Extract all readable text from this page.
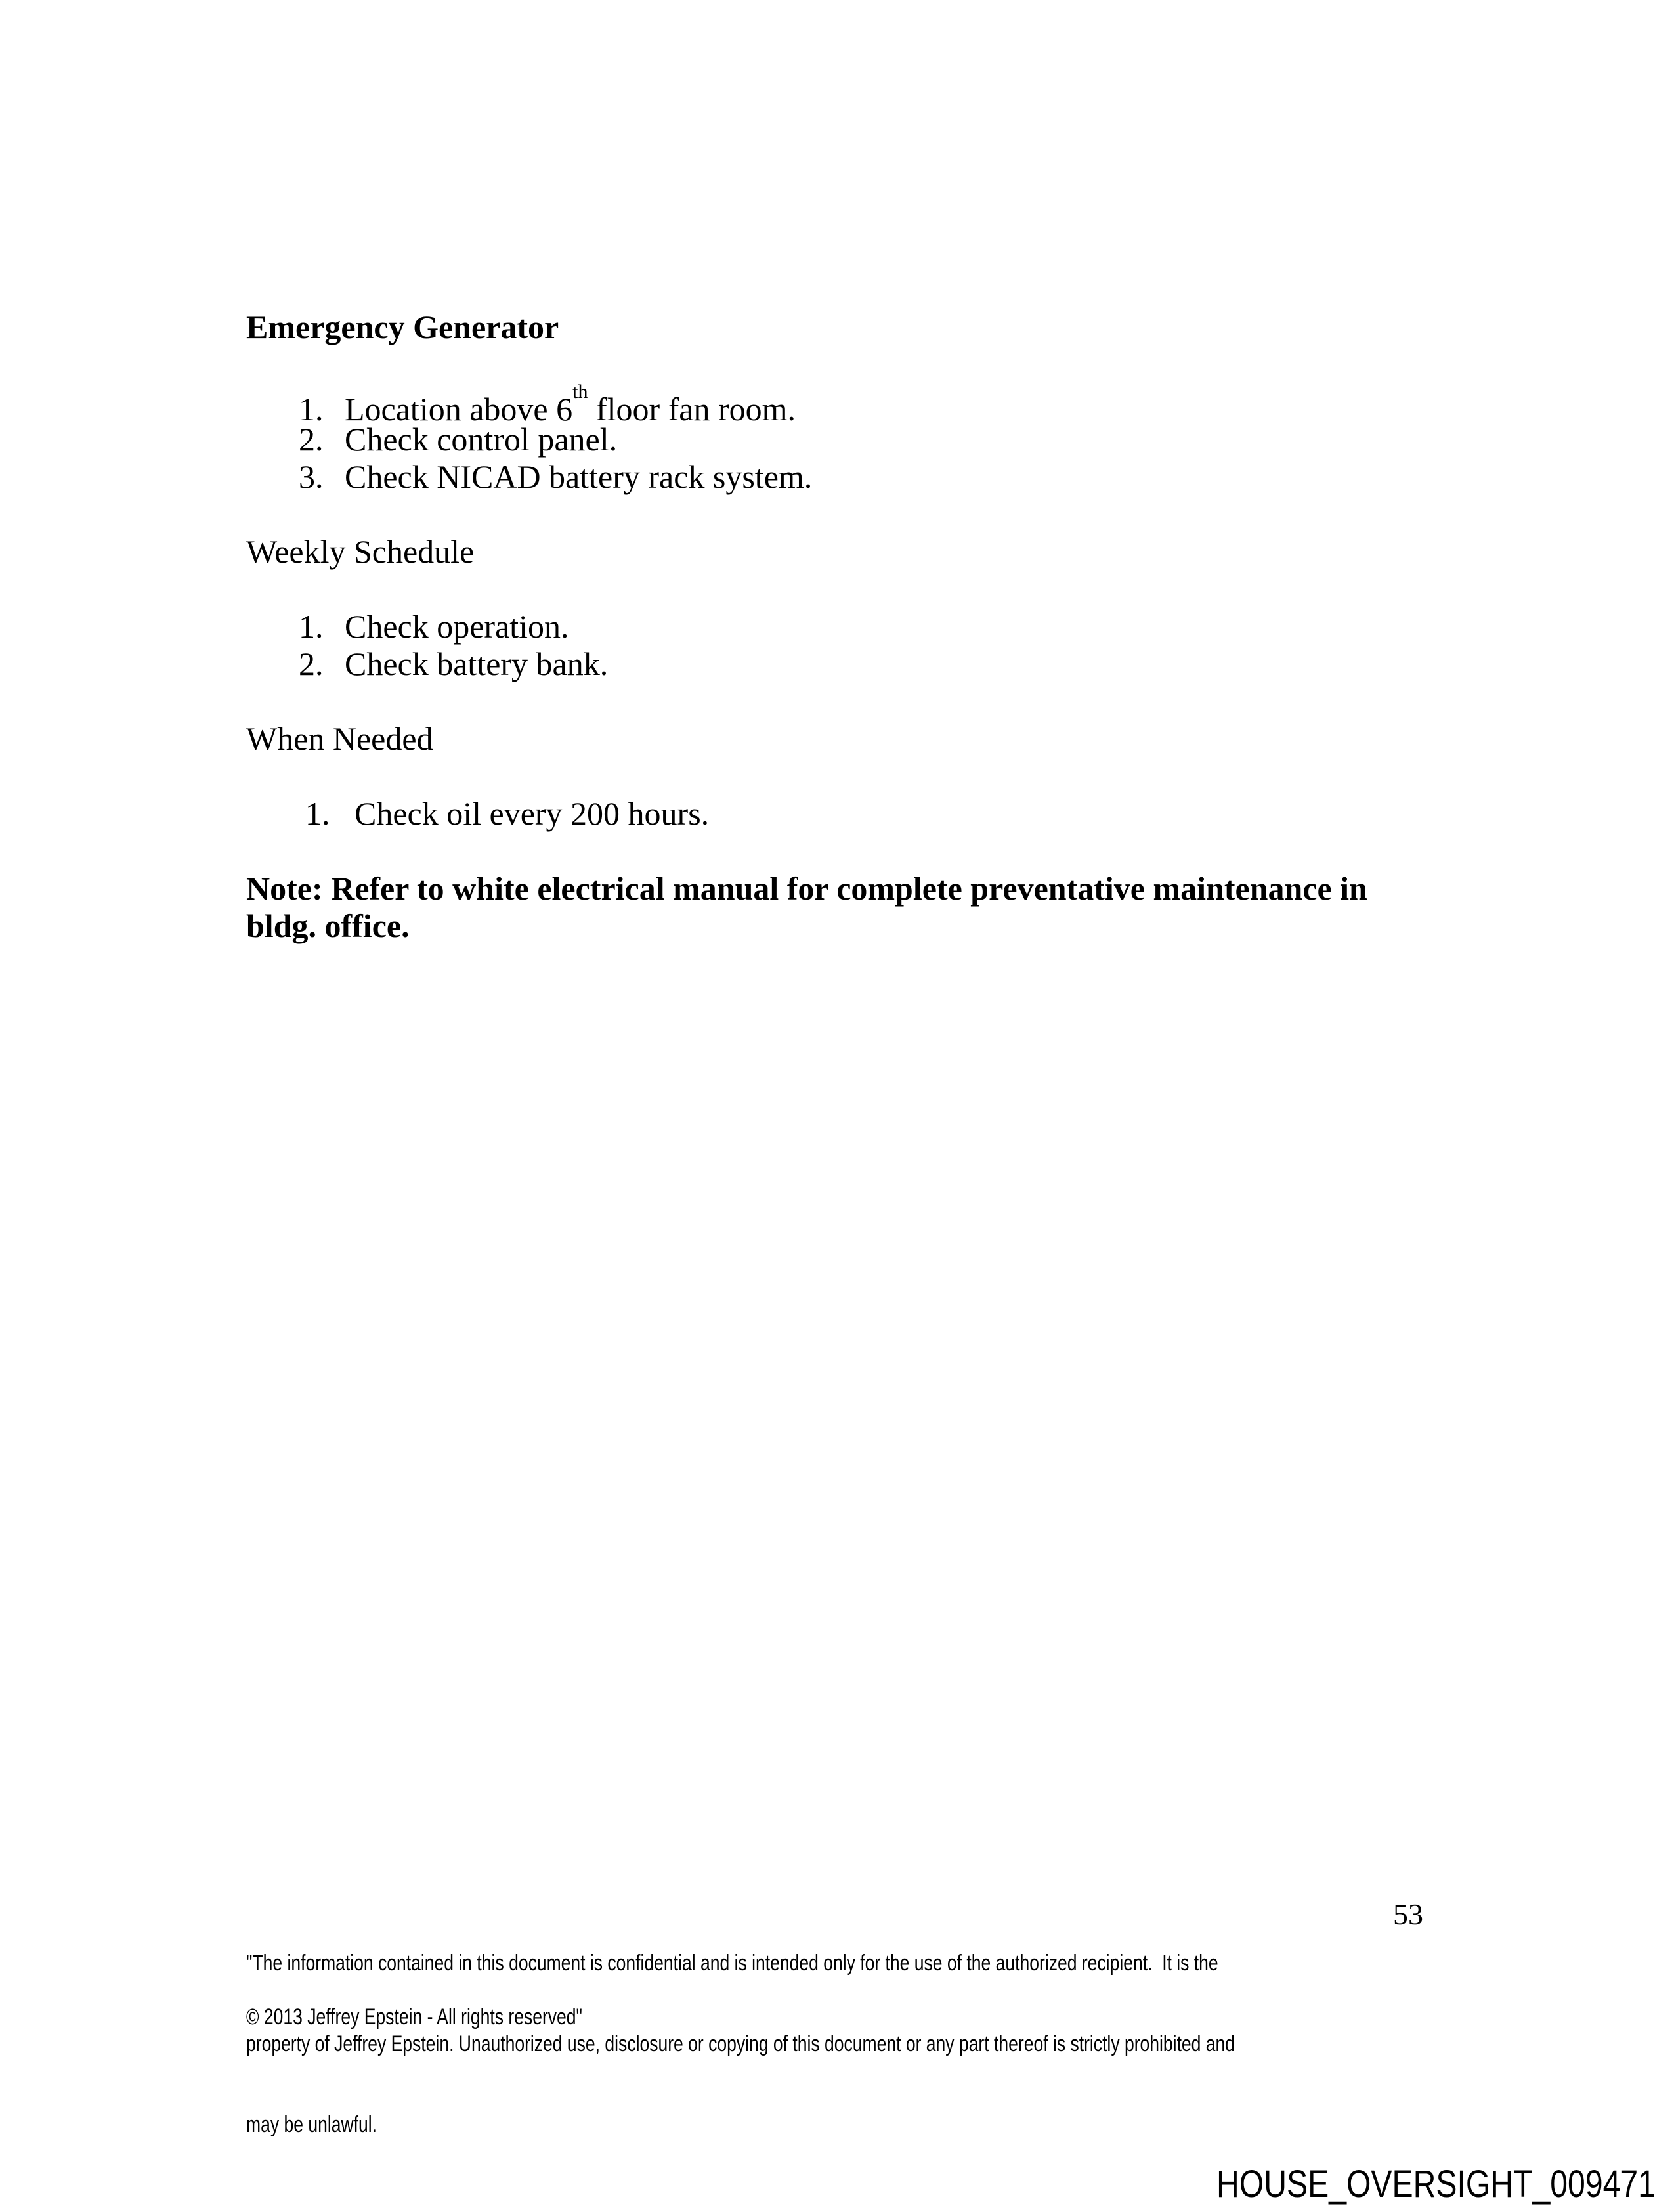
Emergency Generator
1. Location above 6th floor fan room.
2. Check control panel.
3. Check NICAD battery rack system.
Weekly Schedule
1. Check operation.
2. Check battery bank.
When Needed
1. Check oil every 200 hours.

Note: Refer to white electrical manual for complete preventative maintenance in
bldg. office.

"The information contained in this document is confidential and is intended only for the use of the authorized recipient.  It is the

property of Jeffrey Epstein. Unauthorized use, disclosure or copying of this document or any part thereof is strictly prohibited and

may be unlawful.

53
© 2013 Jeffrey Epstein - All rights reserved"
HOUSE_OVERSIGHT_009471
